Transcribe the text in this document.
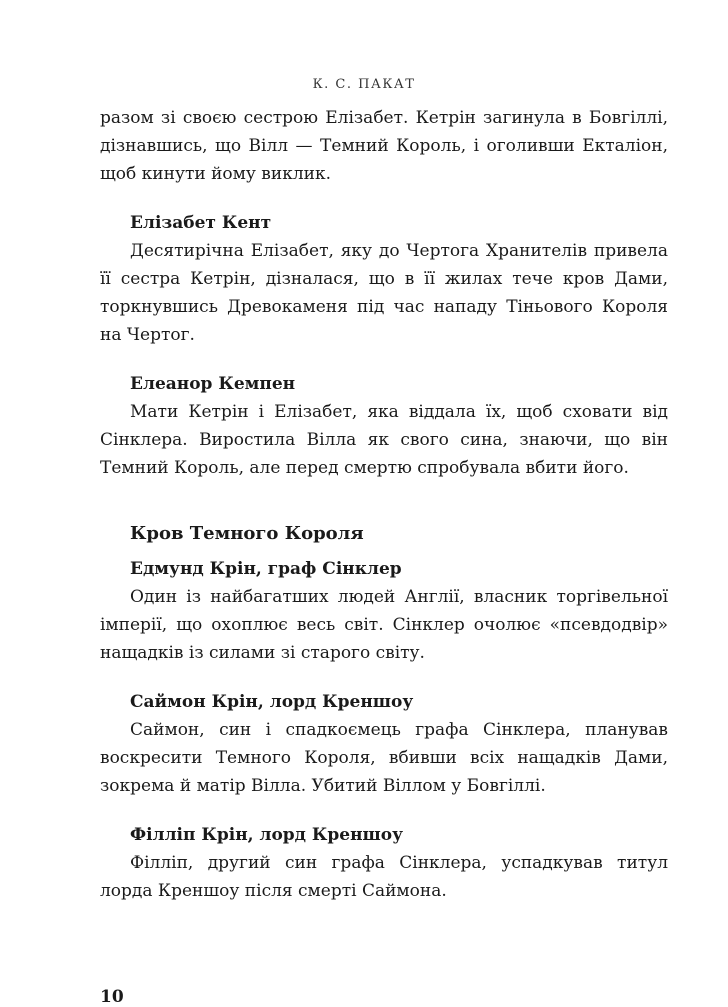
К. С. ПАКАТ

разом зі своєю сестрою Елізабет. Кетрін загинула в Бовгіллі, дізнавшись, що Вілл — Темний Король, і оголивши Екталіон, щоб кинути йому виклик.

Елізабет Кент

Десятирічна Елізабет, яку до Чертога Хранителів привела її сестра Кетрін, дізналася, що в її жилах тече кров Дами, торкнувшись Древокаменя під час нападу Тіньового Короля на Чертог.

Елеанор Кемпен

Мати Кетрін і Елізабет, яка віддала їх, щоб сховати від Сінклера. Виростила Вілла як свого сина, знаючи, що він Темний Король, але перед смертю спробувала вбити його.

Кров Темного Короля

Едмунд Крін, граф Сінклер

Один із найбагатших людей Англії, власник торгівельної імперії, що охоплює весь світ. Сінклер очолює «псевдодвір» нащадків із силами зі старого світу.

Саймон Крін, лорд Креншоу

Саймон, син і спадкоємець графа Сінклера, планував воскресити Темного Короля, вбивши всіх нащадків Дами, зокрема й матір Вілла. Убитий Віллом у Бовгіллі.

Філліп Крін, лорд Креншоу

Філліп, другий син графа Сінклера, успадкував титул лорда Креншоу після смерті Саймона.

10
